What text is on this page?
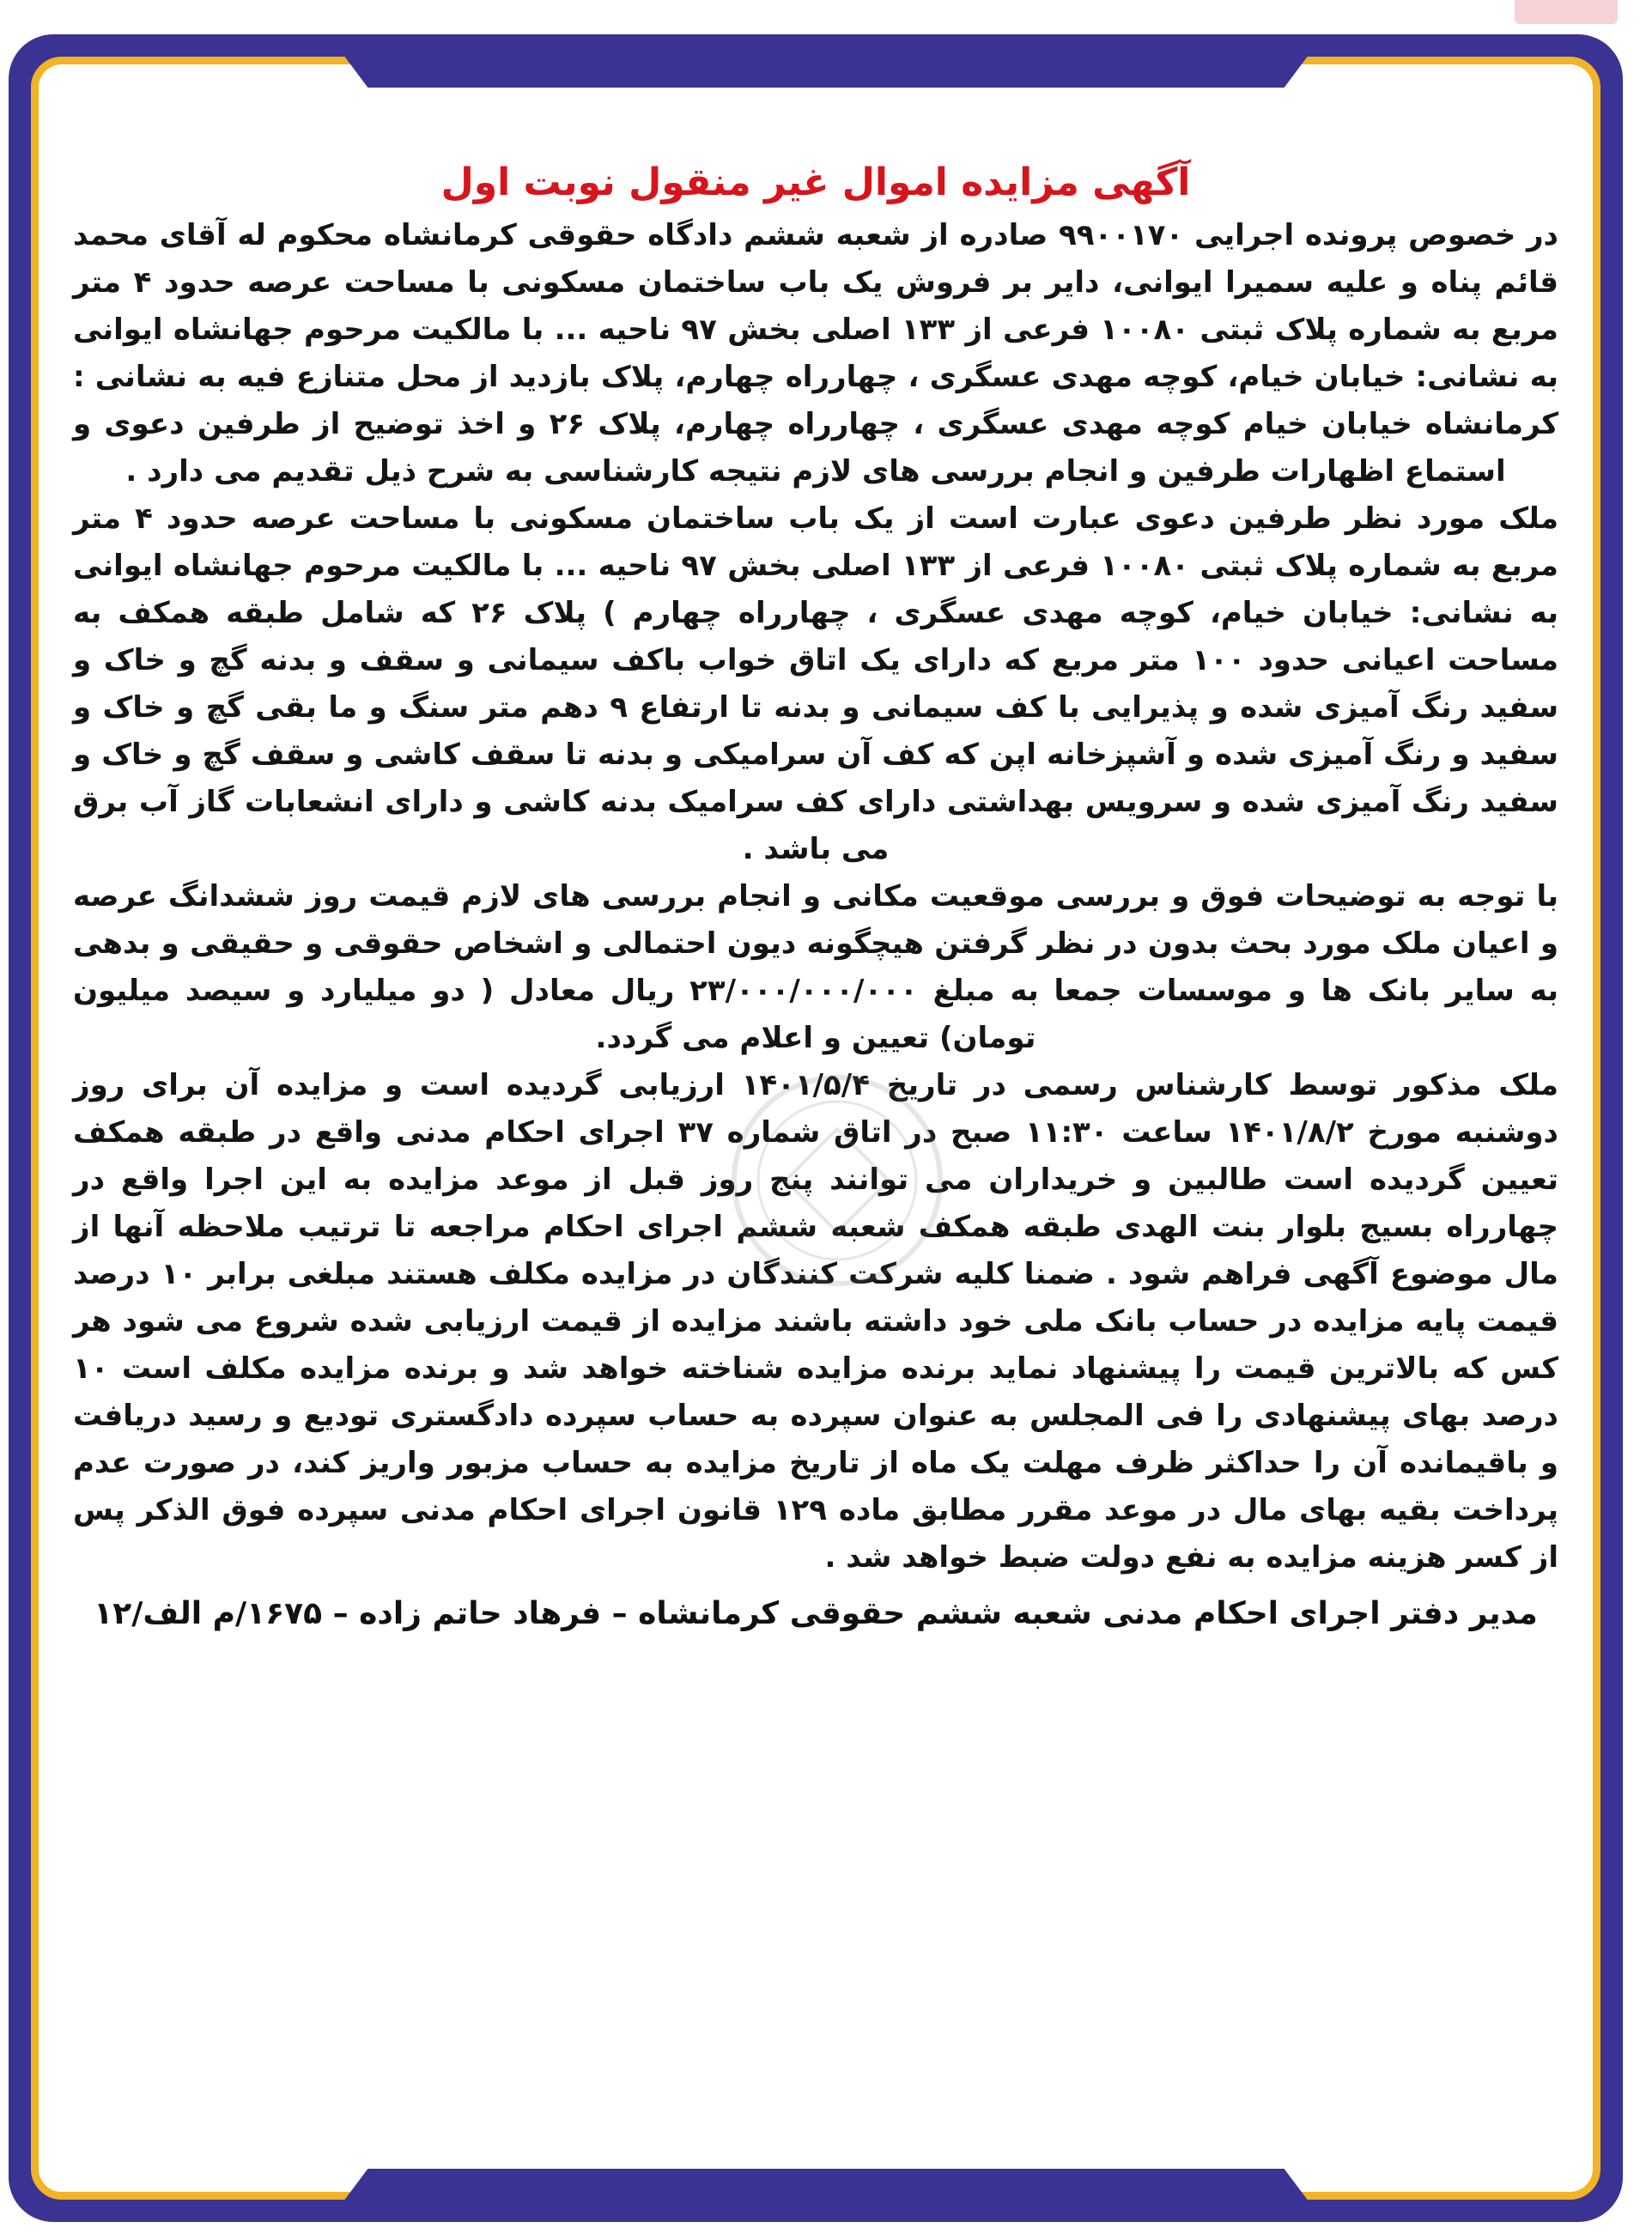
آگهی مزایده اموال غیر منقول نوبت اول

در خصوص پرونده اجرایی ۹۹۰۰۱۷۰ صادره از شعبه ششم دادگاه حقوقی کرمانشاه محکوم له آقای محمد قائم پناه و علیه سمیرا ایوانی، دایر بر فروش یک باب ساختمان مسکونی با مساحت عرصه حدود ۴ متر مربع به شماره پلاک ثبتی ۱۰۰۸۰ فرعی از ۱۳۳ اصلی بخش ۹۷ ناحیه ... با مالکیت مرحوم جهانشاه ایوانی به نشانی: خیابان خیام، کوچه مهدی عسگری ، چهارراه چهارم، پلاک بازدید از محل متنازع فیه به نشانی : کرمانشاه خیابان خیام کوچه مهدی عسگری ، چهارراه چهارم، پلاک ۲۶ و اخذ توضیح از طرفین دعوی و استماع اظهارات طرفین و انجام بررسی های لازم نتیجه کارشناسی به شرح ذیل تقدیم می دارد .

ملک مورد نظر طرفین دعوی عبارت است از یک باب ساختمان مسکونی با مساحت عرصه حدود ۴ متر مربع به شماره پلاک ثبتی ۱۰۰۸۰ فرعی از ۱۳۳ اصلی بخش ۹۷ ناحیه ... با مالکیت مرحوم جهانشاه ایوانی به نشانی: خیابان خیام، کوچه مهدی عسگری ، چهارراه چهارم ) پلاک ۲۶ که شامل طبقه همکف به مساحت اعیانی حدود ۱۰۰ متر مربع که دارای یک اتاق خواب باکف سیمانی و سقف و بدنه گچ و خاک و سفید رنگ آمیزی شده و پذیرایی با کف سیمانی و بدنه تا ارتفاع ۹ دهم متر سنگ و ما بقی گچ و خاک و سفید و رنگ آمیزی شده و آشپزخانه اپن که کف آن سرامیکی و بدنه تا سقف کاشی و سقف گچ و خاک و سفید رنگ آمیزی شده و سرویس بهداشتی دارای کف سرامیک بدنه کاشی و دارای انشعابات گاز آب برق می باشد .

با توجه به توضیحات فوق و بررسی موقعیت مکانی و انجام بررسی های لازم قیمت روز ششدانگ عرصه و اعیان ملک مورد بحث بدون در نظر گرفتن هیچگونه دیون احتمالی و اشخاص حقوقی و حقیقی و بدهی به سایر بانک ها و موسسات جمعا به مبلغ ۲۳/۰۰۰/۰۰۰/۰۰۰ ریال معادل ( دو میلیارد و سیصد میلیون تومان) تعیین و اعلام می گردد.

ملک مذکور توسط کارشناس رسمی در تاریخ ۱۴۰۱/۵/۴ ارزیابی گردیده است و مزایده آن برای روز دوشنبه مورخ ۱۴۰۱/۸/۲ ساعت ۱۱:۳۰ صبح در اتاق شماره ۳۷ اجرای احکام مدنی واقع در طبقه همکف تعیین گردیده است طالبین و خریداران می توانند پنج روز قبل از موعد مزایده به این اجرا واقع در چهارراه بسیج بلوار بنت الهدی طبقه همکف شعبه ششم اجرای احکام مراجعه تا ترتیب ملاحظه آنها از مال موضوع آگهی فراهم شود . ضمنا کلیه شرکت کنندگان در مزایده مکلف هستند مبلغی برابر ۱۰ درصد قیمت پایه مزایده در حساب بانک ملی خود داشته باشند مزایده از قیمت ارزیابی شده شروع می شود هر کس که بالاترین قیمت را پیشنهاد نماید برنده مزایده شناخته خواهد شد و برنده مزایده مکلف است ۱۰ درصد بهای پیشنهادی را فی المجلس به عنوان سپرده به حساب سپرده دادگستری تودیع و رسید دریافت و باقیمانده آن را حداکثر ظرف مهلت یک ماه از تاریخ مزایده به حساب مزبور واریز کند، در صورت عدم پرداخت بقیه بهای مال در موعد مقرر مطابق ماده ۱۲۹ قانون اجرای احکام مدنی سپرده فوق الذکر پس از کسر هزینه مزایده به نفع دولت ضبط خواهد شد .

مدیر دفتر اجرای احکام مدنی شعبه ششم حقوقی کرمانشاه – فرهاد حاتم زاده – ۱۶۷۵/م الف/۱۲
